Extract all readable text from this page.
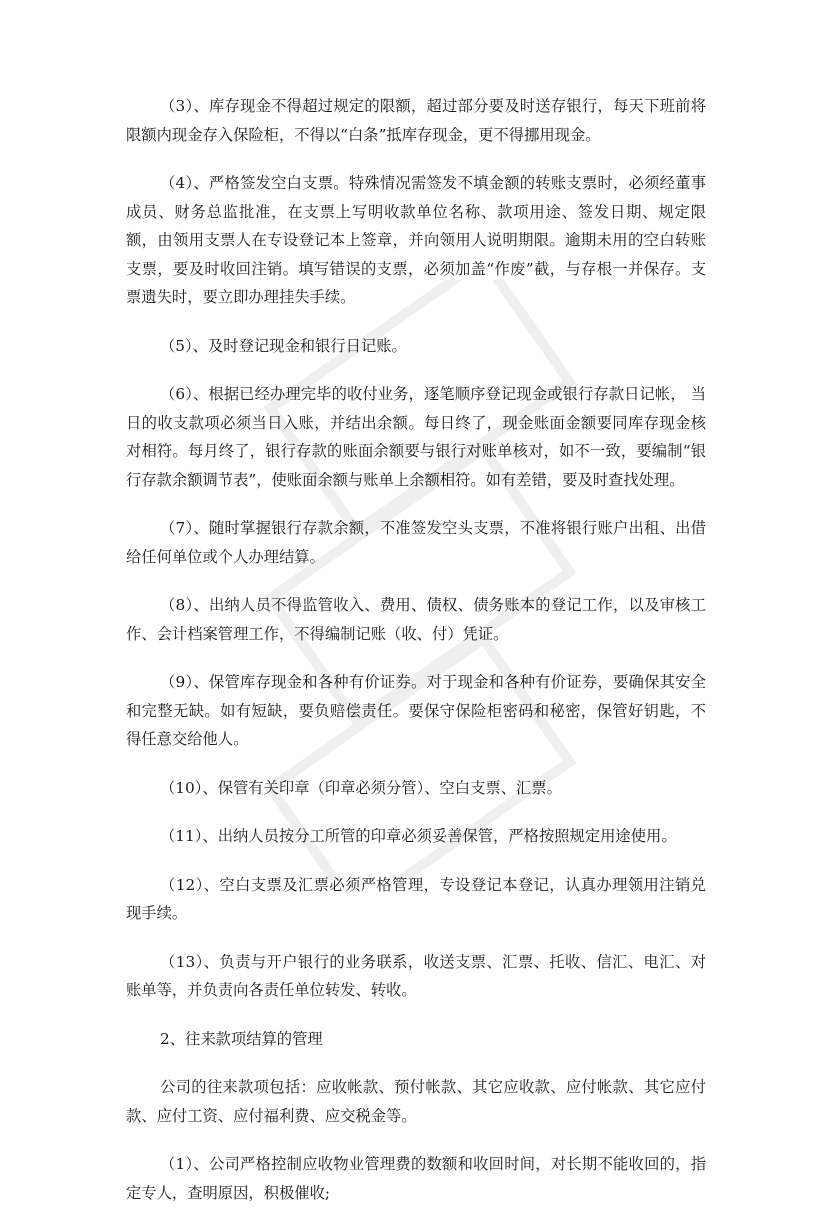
（3）、库存现金不得超过规定的限额，超过部分要及时送存银行，每天下班前将限额内现金存入保险柜，不得以“白条”抵库存现金，更不得挪用现金。

（4）、严格签发空白支票。特殊情况需签发不填金额的转账支票时，必须经董事成员、财务总监批准，在支票上写明收款单位名称、款项用途、签发日期、规定限额，由领用支票人在专设登记本上签章，并向领用人说明期限。逾期未用的空白转账支票，要及时收回注销。填写错误的支票，必须加盖“作废”截，与存根一并保存。支票遗失时，要立即办理挂失手续。

（5）、及时登记现金和银行日记账。

（6）、根据已经办理完毕的收付业务，逐笔顺序登记现金或银行存款日记帐， 当日的收支款项必须当日入账，并结出余额。每日终了，现金账面金额要同库存现金核对相符。每月终了，银行存款的账面余额要与银行对账单核对，如不一致，要编制“银行存款余额调节表”，使账面余额与账单上余额相符。如有差错，要及时查找处理。

（7）、随时掌握银行存款余额，不准签发空头支票，不准将银行账户出租、出借给任何单位或个人办理结算。

（8）、出纳人员不得监管收入、费用、债权、债务账本的登记工作，以及审核工作、会计档案管理工作，不得编制记账（收、付）凭证。

（9）、保管库存现金和各种有价证券。对于现金和各种有价证券，要确保其安全和完整无缺。如有短缺，要负赔偿责任。要保守保险柜密码和秘密，保管好钥匙，不得任意交给他人。

（10）、保管有关印章（印章必须分管）、空白支票、汇票。

（11）、出纳人员按分工所管的印章必须妥善保管，严格按照规定用途使用。

（12）、空白支票及汇票必须严格管理，专设登记本登记，认真办理领用注销兑现手续。

（13）、负责与开户银行的业务联系，收送支票、汇票、托收、信汇、电汇、对账单等，并负责向各责任单位转发、转收。

2、往来款项结算的管理

公司的往来款项包括：应收帐款、预付帐款、其它应收款、应付帐款、其它应付款、应付工资、应付福利费、应交税金等。

（1）、公司严格控制应收物业管理费的数额和收回时间，对长期不能收回的，指定专人，查明原因，积极催收;
